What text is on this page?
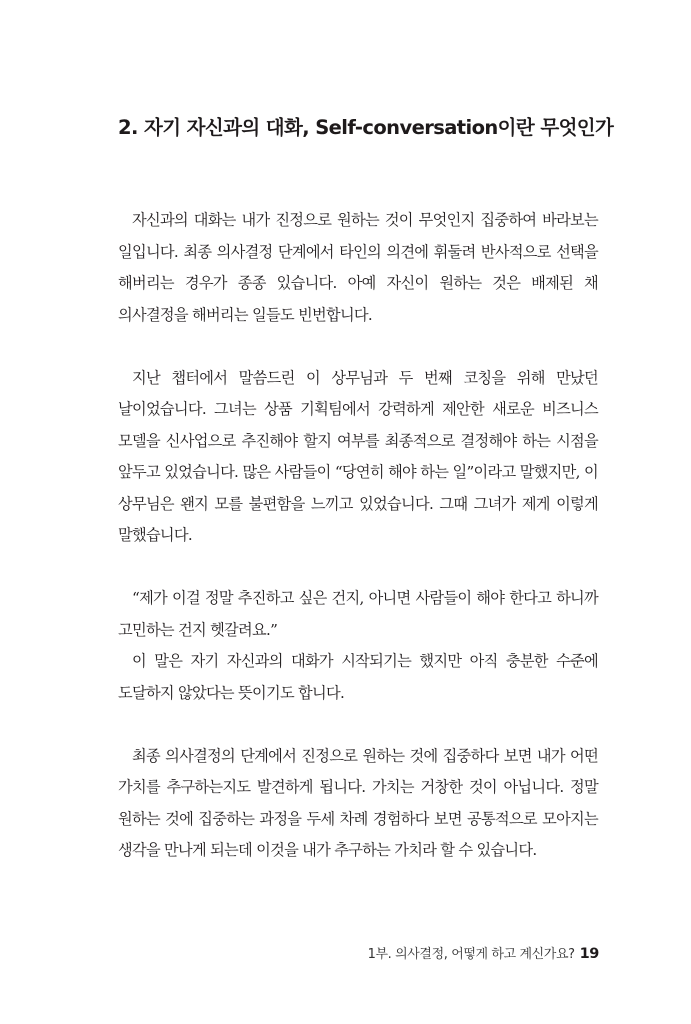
2. 자기 자신과의 대화, Self-conversation이란 무엇인가

자신과의 대화는 내가 진정으로 원하는 것이 무엇인지 집중하여 바라보는 일입니다. 최종 의사결정 단계에서 타인의 의견에 휘둘려 반사적으로 선택을 해버리는 경우가 종종 있습니다. 아예 자신이 원하는 것은 배제된 채 의사결정을 해버리는 일들도 빈번합니다.

지난 챕터에서 말씀드린 이 상무님과 두 번째 코칭을 위해 만났던 날이었습니다. 그녀는 상품 기획팀에서 강력하게 제안한 새로운 비즈니스 모델을 신사업으로 추진해야 할지 여부를 최종적으로 결정해야 하는 시점을 앞두고 있었습니다. 많은 사람들이 “당연히 해야 하는 일”이라고 말했지만, 이 상무님은 왠지 모를 불편함을 느끼고 있었습니다. 그때 그녀가 제게 이렇게 말했습니다.

“제가 이걸 정말 추진하고 싶은 건지, 아니면 사람들이 해야 한다고 하니까 고민하는 건지 헷갈려요.”

이 말은 자기 자신과의 대화가 시작되기는 했지만 아직 충분한 수준에 도달하지 않았다는 뜻이기도 합니다.

최종 의사결정의 단계에서 진정으로 원하는 것에 집중하다 보면 내가 어떤 가치를 추구하는지도 발견하게 됩니다. 가치는 거창한 것이 아닙니다. 정말 원하는 것에 집중하는 과정을 두세 차례 경험하다 보면 공통적으로 모아지는 생각을 만나게 되는데 이것을 내가 추구하는 가치라 할 수 있습니다.

1부. 의사결정, 어떻게 하고 계신가요? 19
